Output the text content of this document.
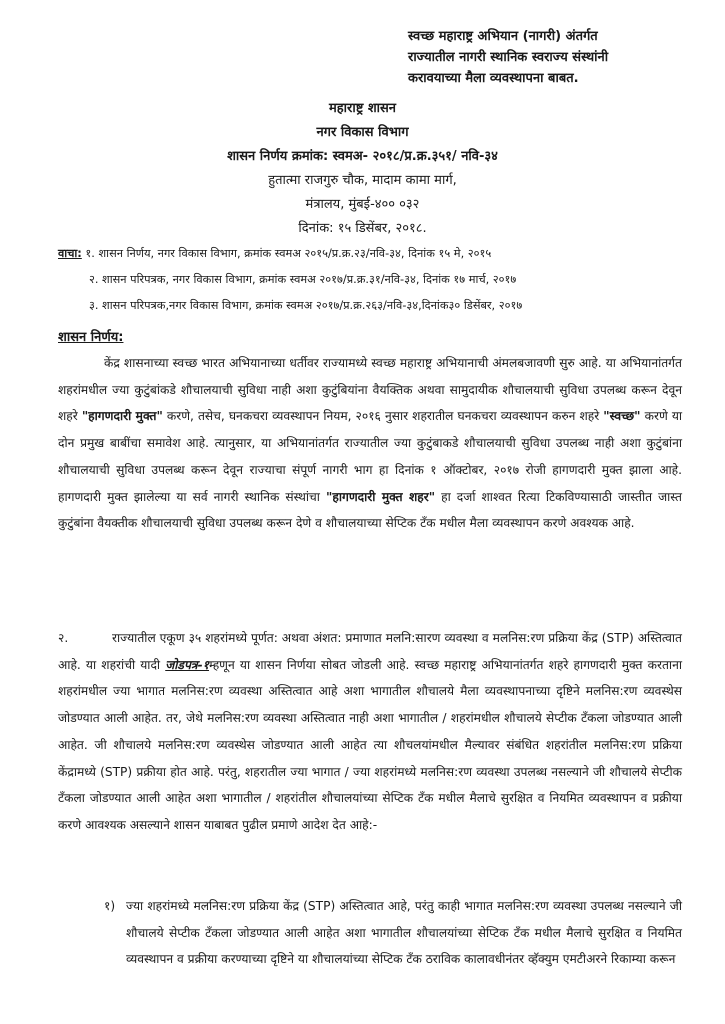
स्वच्छ महाराष्ट्र अभियान (नागरी) अंतर्गत
राज्यातील नागरी स्थानिक स्वराज्य संस्थांनी
करावयाच्या मैला व्यवस्थापना बाबत.
महाराष्ट्र शासन
नगर विकास विभाग
शासन निर्णय क्रमांक: स्वमअ- २०१८/प्र.क्र.३५१/ नवि-३४
हुतात्मा राजगुरु चौक, मादाम कामा मार्ग,
मंत्रालय, मुंबई-४०० ०३२
दिनांक: १५ डिसेंबर, २०१८.
वाचा: १. शासन निर्णय, नगर विकास विभाग, क्रमांक स्वमअ २०१५/प्र.क्र.२३/नवि-३४, दिनांक १५ मे, २०१५
२. शासन परिपत्रक, नगर विकास विभाग, क्रमांक स्वमअ २०१७/प्र.क्र.३१/नवि-३४, दिनांक १७ मार्च, २०१७
३. शासन परिपत्रक,नगर विकास विभाग, क्रमांक स्वमअ २०१७/प्र.क्र.२६३/नवि-३४,दिनांक३० डिसेंबर, २०१७
शासन निर्णय:
केंद्र शासनाच्या स्वच्छ भारत अभियानाच्या धर्तीवर राज्यामध्ये स्वच्छ महाराष्ट्र अभियानाची अंमलबजावणी सुरु आहे. या अभियानांतर्गत शहरांमधील ज्या कुटुंबांकडे शौचालयाची सुविधा नाही अशा कुटुंबियांना वैयक्तिक अथवा सामुदायीक शौचालयाची सुविधा उपलब्ध करून देवून शहरे "हागणदारी मुक्त" करणे, तसेच, घनकचरा व्यवस्थापन नियम, २०१६ नुसार शहरातील घनकचरा व्यवस्थापन करुन शहरे "स्वच्छ" करणे या दोन प्रमुख बाबींचा समावेश आहे. त्यानुसार, या अभियानांतर्गत राज्यातील ज्या कुटुंबाकडे शौचालयाची सुविधा उपलब्ध नाही अशा कुटुंबांना शौचालयाची सुविधा उपलब्ध करून देवून राज्याचा संपूर्ण नागरी भाग हा दिनांक १ ऑक्टोबर, २०१७ रोजी हागणदारी मुक्त झाला आहे. हागणदारी मुक्त झालेल्या या सर्व नागरी स्थानिक संस्थांचा "हागणदारी मुक्त शहर" हा दर्जा शाश्वत रित्या टिकविण्यासाठी जास्तीत जास्त कुटुंबांना वैयक्तीक शौचालयाची सुविधा उपलब्ध करून देणे व शौचालयाच्या सेप्टिक टँक मधील मैला व्यवस्थापन करणे अवश्यक आहे.
२.	राज्यातील एकूण ३५ शहरांमध्ये पूर्णत: अथवा अंशत: प्रमाणात मलनि:सारण व्यवस्था व मलनिस:रण प्रक्रिया केंद्र (STP) अस्तित्वात आहे. या शहरांची यादी जोडपत्र-१म्हणून या शासन निर्णया सोबत जोडली आहे. स्वच्छ महाराष्ट्र अभियानांतर्गत शहरे हागणदारी मुक्त करताना शहरांमधील ज्या भागात मलनिस:रण व्यवस्था अस्तित्वात आहे अशा भागातील शौचालये मैला व्यवस्थापनाच्या दृष्टिने मलनिस:रण व्यवस्थेस जोडण्यात आली आहेत. तर, जेथे मलनिस:रण व्यवस्था अस्तित्वात नाही अशा भागातील / शहरांमधील शौचालये सेप्टीक टँकला जोडण्यात आली आहेत. जी शौचालये मलनिस:रण व्यवस्थेस जोडण्यात आली आहेत त्या शौचलयांमधील मैल्यावर संबंधित शहरांतील मलनिस:रण प्रक्रिया केंद्रामध्ये (STP) प्रक्रीया होत आहे. परंतु, शहरातील ज्या भागात / ज्या शहरांमध्ये मलनिस:रण व्यवस्था उपलब्ध नसल्याने जी शौचालये सेप्टीक टँकला जोडण्यात आली आहेत अशा भागातील / शहरांतील शौचालयांच्या सेप्टिक टँक मधील मैलाचे सुरक्षित व नियमित व्यवस्थापन व प्रक्रीया करणे आवश्यक असल्याने शासन याबाबत पुढील प्रमाणे आदेश देत आहे:-
१) ज्या शहरांमध्ये मलनिस:रण प्रक्रिया केंद्र (STP) अस्तित्वात आहे, परंतु काही भागात मलनिस:रण व्यवस्था उपलब्ध नसल्याने जी शौचालये सेप्टीक टँकला जोडण्यात आली आहेत अशा भागातील शौचालयांच्या सेप्टिक टँक मधील मैलाचे सुरक्षित व नियमित व्यवस्थापन व प्रक्रीया करण्याच्या दृष्टिने या शौचालयांच्या सेप्टिक टँक ठराविक कालावधीनंतर व्हॅक्युम एमटीअरने रिकाम्या करून
